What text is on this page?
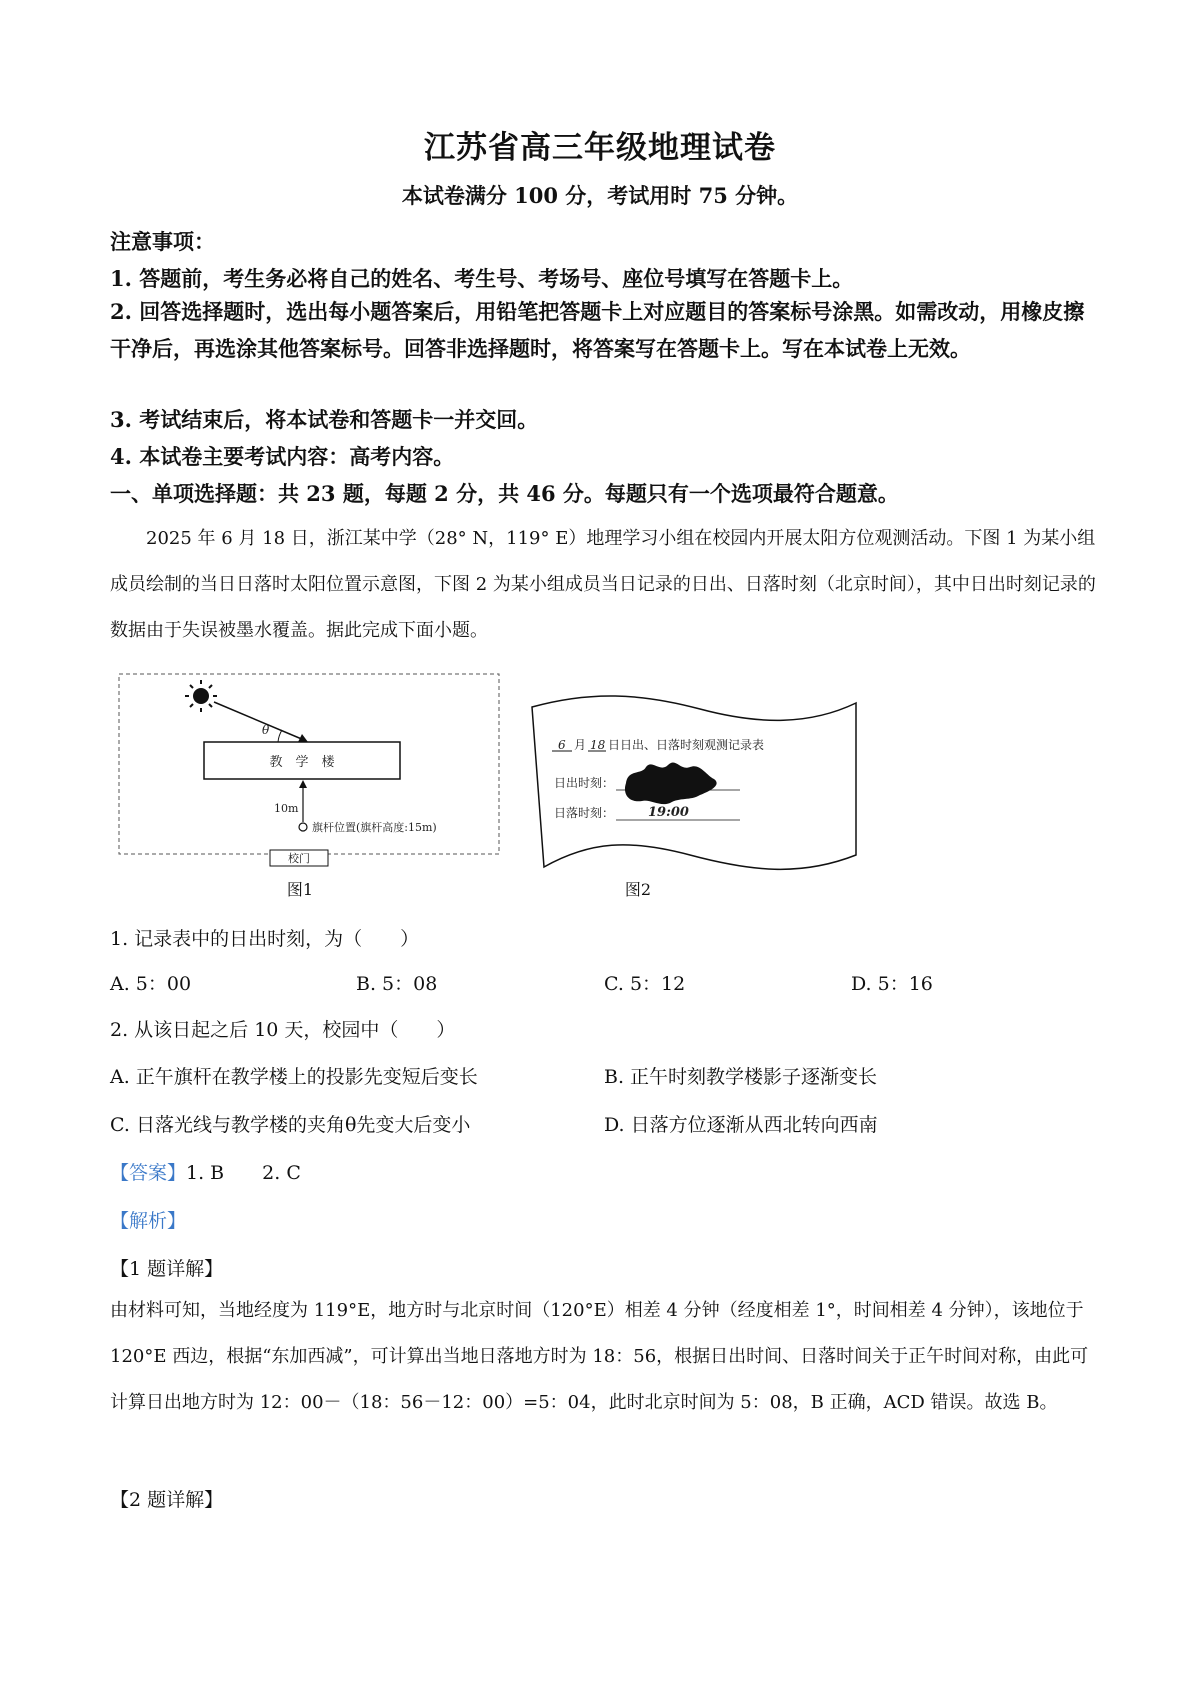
江苏省高三年级地理试卷
本试卷满分 100 分，考试用时 75 分钟。
注意事项：
1. 答题前，考生务必将自己的姓名、考生号、考场号、座位号填写在答题卡上。
2. 回答选择题时，选出每小题答案后，用铅笔把答题卡上对应题目的答案标号涂黑。如需改动，用橡皮擦干净后，再选涂其他答案标号。回答非选择题时，将答案写在答题卡上。写在本试卷上无效。
3. 考试结束后，将本试卷和答题卡一并交回。
4. 本试卷主要考试内容：高考内容。
一、单项选择题：共 23 题，每题 2 分，共 46 分。每题只有一个选项最符合题意。
2025 年 6 月 18 日，浙江某中学（28° N，119° E）地理学习小组在校园内开展太阳方位观测活动。下图 1 为某小组成员绘制的当日日落时太阳位置示意图，下图 2 为某小组成员当日记录的日出、日落时刻（北京时间），其中日出时刻记录的数据由于失误被墨水覆盖。据此完成下面小题。
θ
教　学　楼
10m
旗杆位置(旗杆高度:15m)
校门
图1
6 月 18 日日出、日落时刻观测记录表
日出时刻：
日落时刻：	19:00
图2
1. 记录表中的日出时刻，为（　　）
A. 5：00	B. 5：08	C. 5：12	D. 5：16
2. 从该日起之后 10 天，校园中（　　）
A. 正午旗杆在教学楼上的投影先变短后变长	B. 正午时刻教学楼影子逐渐变长
C. 日落光线与教学楼的夹角θ先变大后变小	D. 日落方位逐渐从西北转向西南
【答案】1. B　　2. C
【解析】
【1 题详解】
由材料可知，当地经度为 119°E，地方时与北京时间（120°E）相差 4 分钟（经度相差 1°，时间相差 4 分钟），该地位于 120°E 西边，根据“东加西减”，可计算出当地日落地方时为 18：56，根据日出时间、日落时间关于正午时间对称，由此可计算日出地方时为 12：00－（18：56－12：00）=5：04，此时北京时间为 5：08，B 正确，ACD 错误。故选 B。
【2 题详解】
